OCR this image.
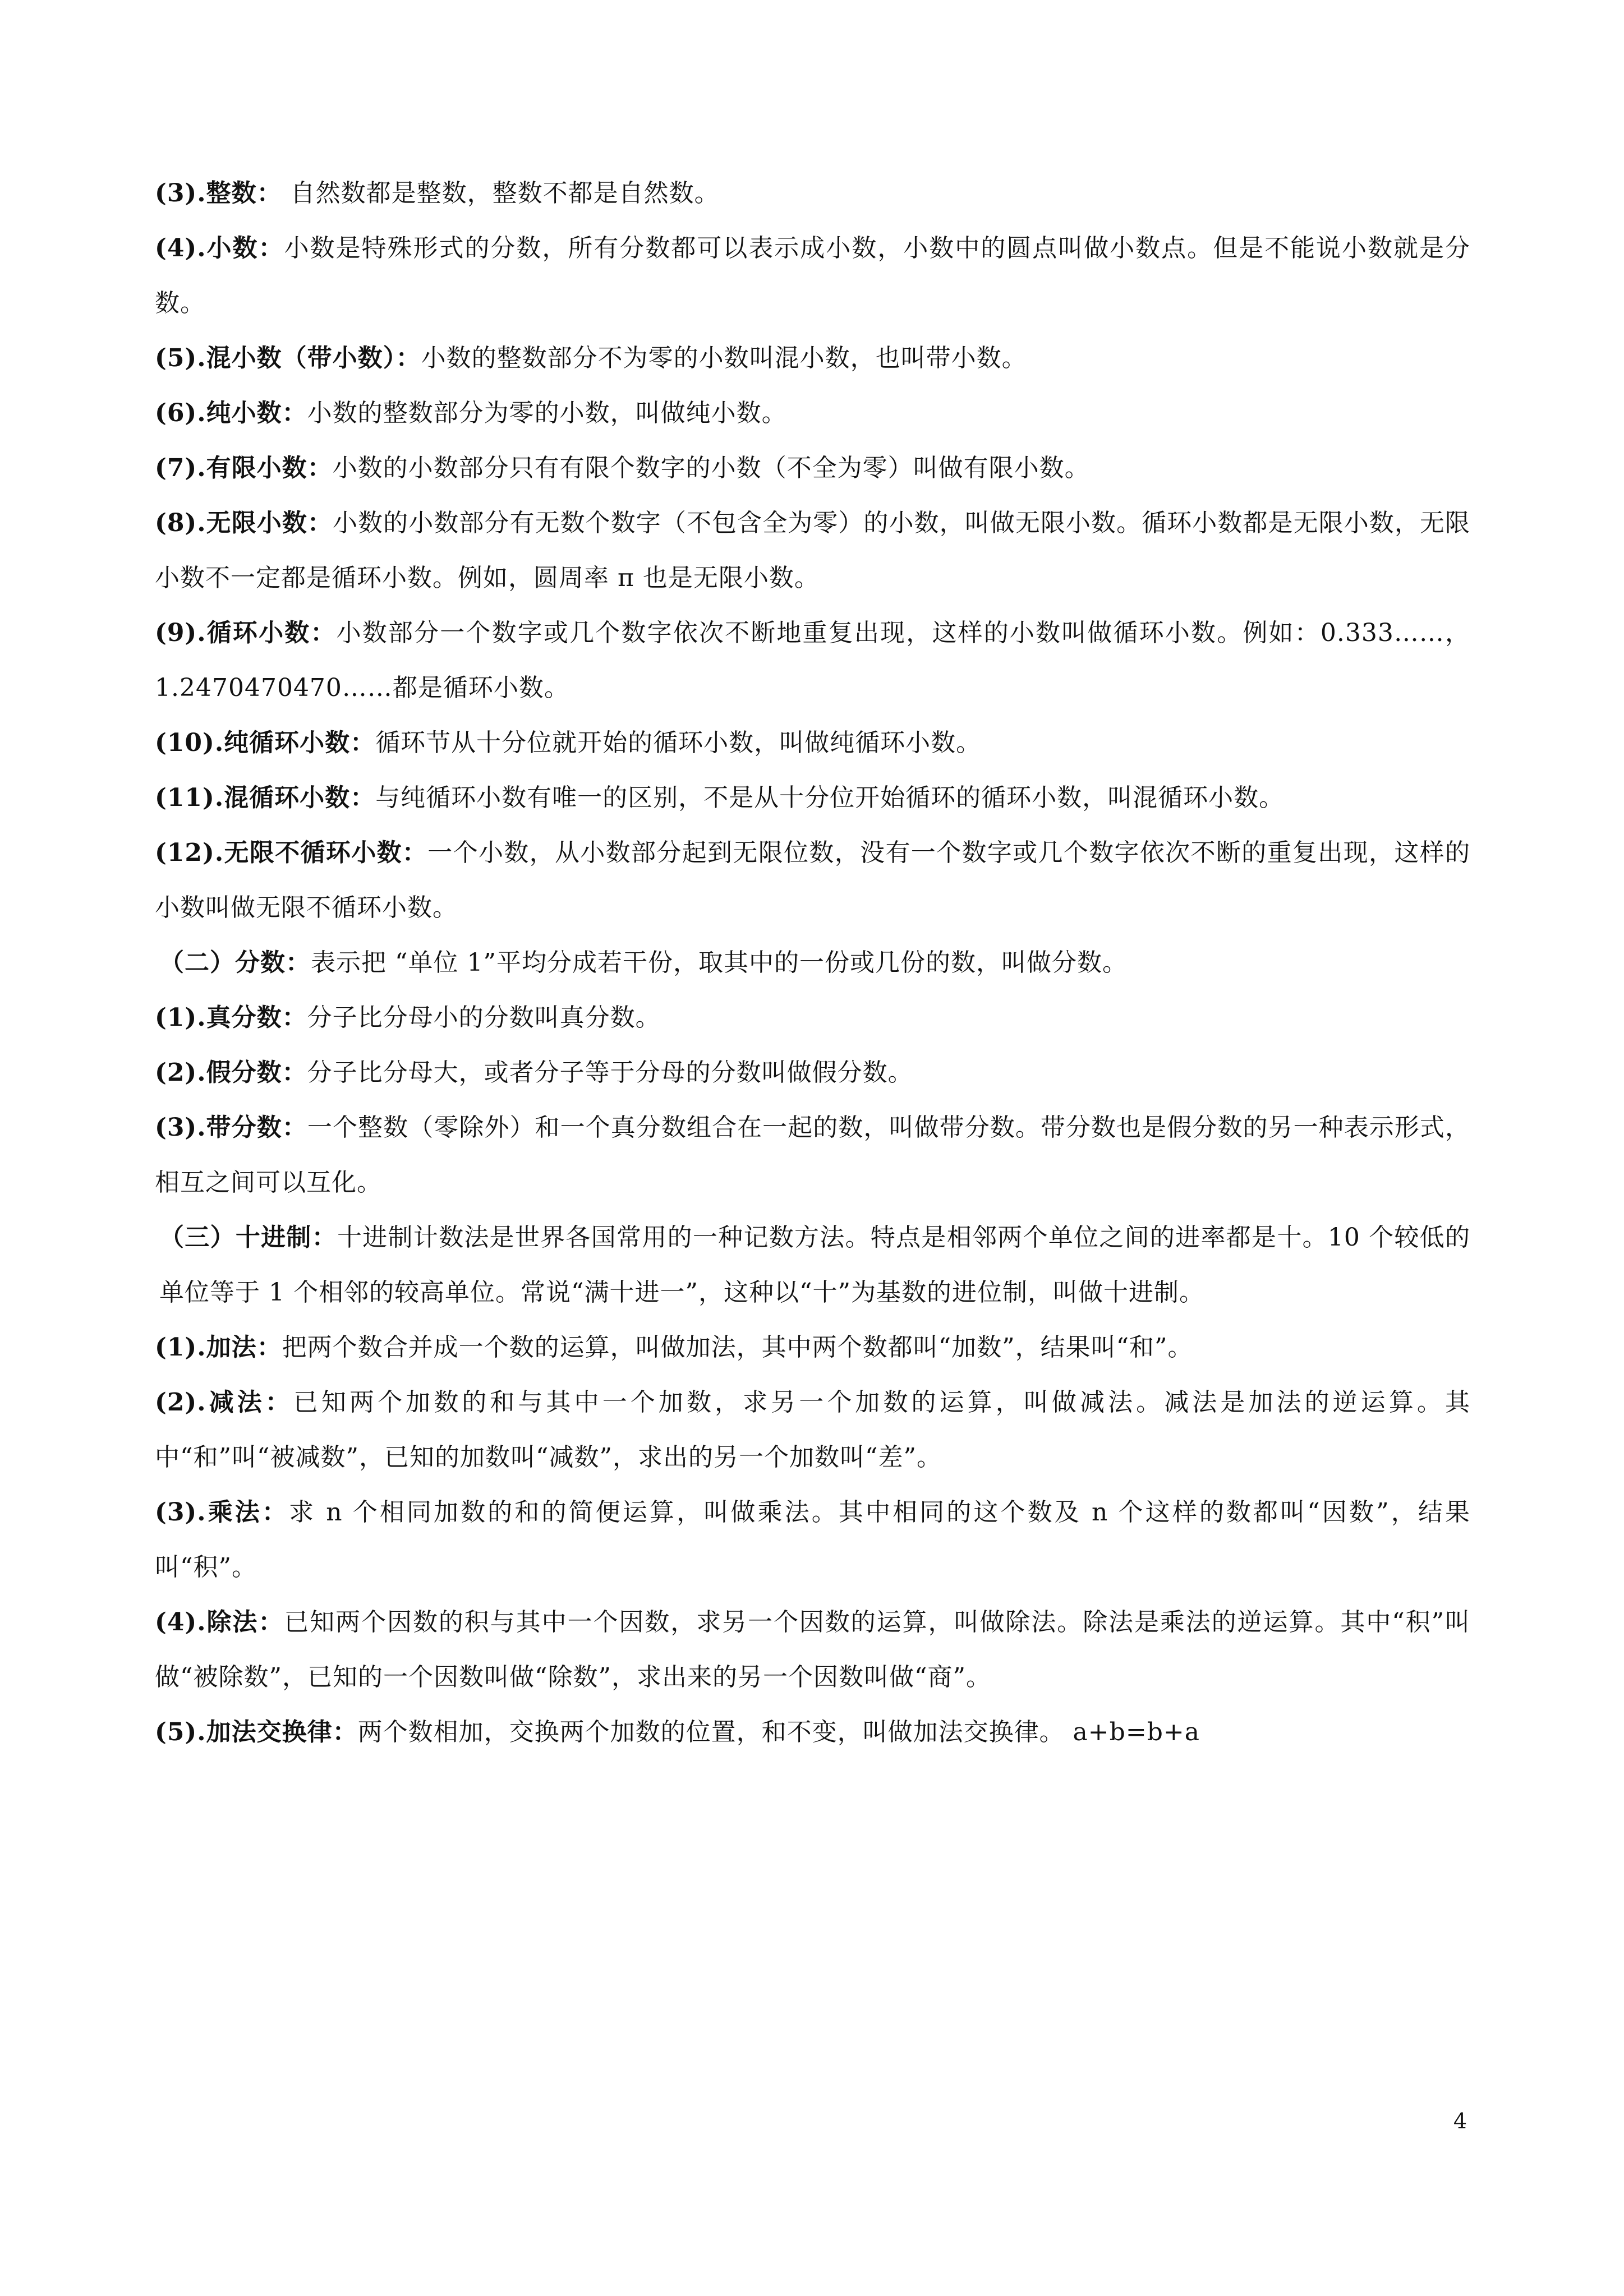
(3).整数： 自然数都是整数，整数不都是自然数。

(4).小数：小数是特殊形式的分数，所有分数都可以表示成小数，小数中的圆点叫做小数点。但是不能说小数就是分数。

(5).混小数（带小数）：小数的整数部分不为零的小数叫混小数，也叫带小数。

(6).纯小数：小数的整数部分为零的小数，叫做纯小数。

(7).有限小数：小数的小数部分只有有限个数字的小数（不全为零）叫做有限小数。

(8).无限小数：小数的小数部分有无数个数字（不包含全为零）的小数，叫做无限小数。循环小数都是无限小数，无限小数不一定都是循环小数。例如，圆周率 π 也是无限小数。

(9).循环小数：小数部分一个数字或几个数字依次不断地重复出现，这样的小数叫做循环小数。例如：0.333……，1.2470470470……都是循环小数。

(10).纯循环小数：循环节从十分位就开始的循环小数，叫做纯循环小数。

(11).混循环小数：与纯循环小数有唯一的区别，不是从十分位开始循环的循环小数，叫混循环小数。

(12).无限不循环小数：一个小数，从小数部分起到无限位数，没有一个数字或几个数字依次不断的重复出现，这样的小数叫做无限不循环小数。

（二）分数：表示把 “单位 1”平均分成若干份，取其中的一份或几份的数，叫做分数。

(1).真分数：分子比分母小的分数叫真分数。

(2).假分数：分子比分母大，或者分子等于分母的分数叫做假分数。

(3).带分数：一个整数（零除外）和一个真分数组合在一起的数，叫做带分数。带分数也是假分数的另一种表示形式，相互之间可以互化。

（三）十进制：十进制计数法是世界各国常用的一种记数方法。特点是相邻两个单位之间的进率都是十。10 个较低的单位等于 1 个相邻的较高单位。常说“满十进一”，这种以“十”为基数的进位制，叫做十进制。

(1).加法：把两个数合并成一个数的运算，叫做加法，其中两个数都叫“加数”，结果叫“和”。

(2).减法：已知两个加数的和与其中一个加数，求另一个加数的运算，叫做减法。减法是加法的逆运算。其中“和”叫“被减数”，已知的加数叫“减数”，求出的另一个加数叫“差”。

(3).乘法：求 n 个相同加数的和的简便运算，叫做乘法。其中相同的这个数及 n 个这样的数都叫“因数”，结果叫“积”。

(4).除法：已知两个因数的积与其中一个因数，求另一个因数的运算，叫做除法。除法是乘法的逆运算。其中“积”叫做“被除数”，已知的一个因数叫做“除数”，求出来的另一个因数叫做“商”。

(5).加法交换律：两个数相加，交换两个加数的位置，和不变，叫做加法交换律。 a+b=b+a

4
